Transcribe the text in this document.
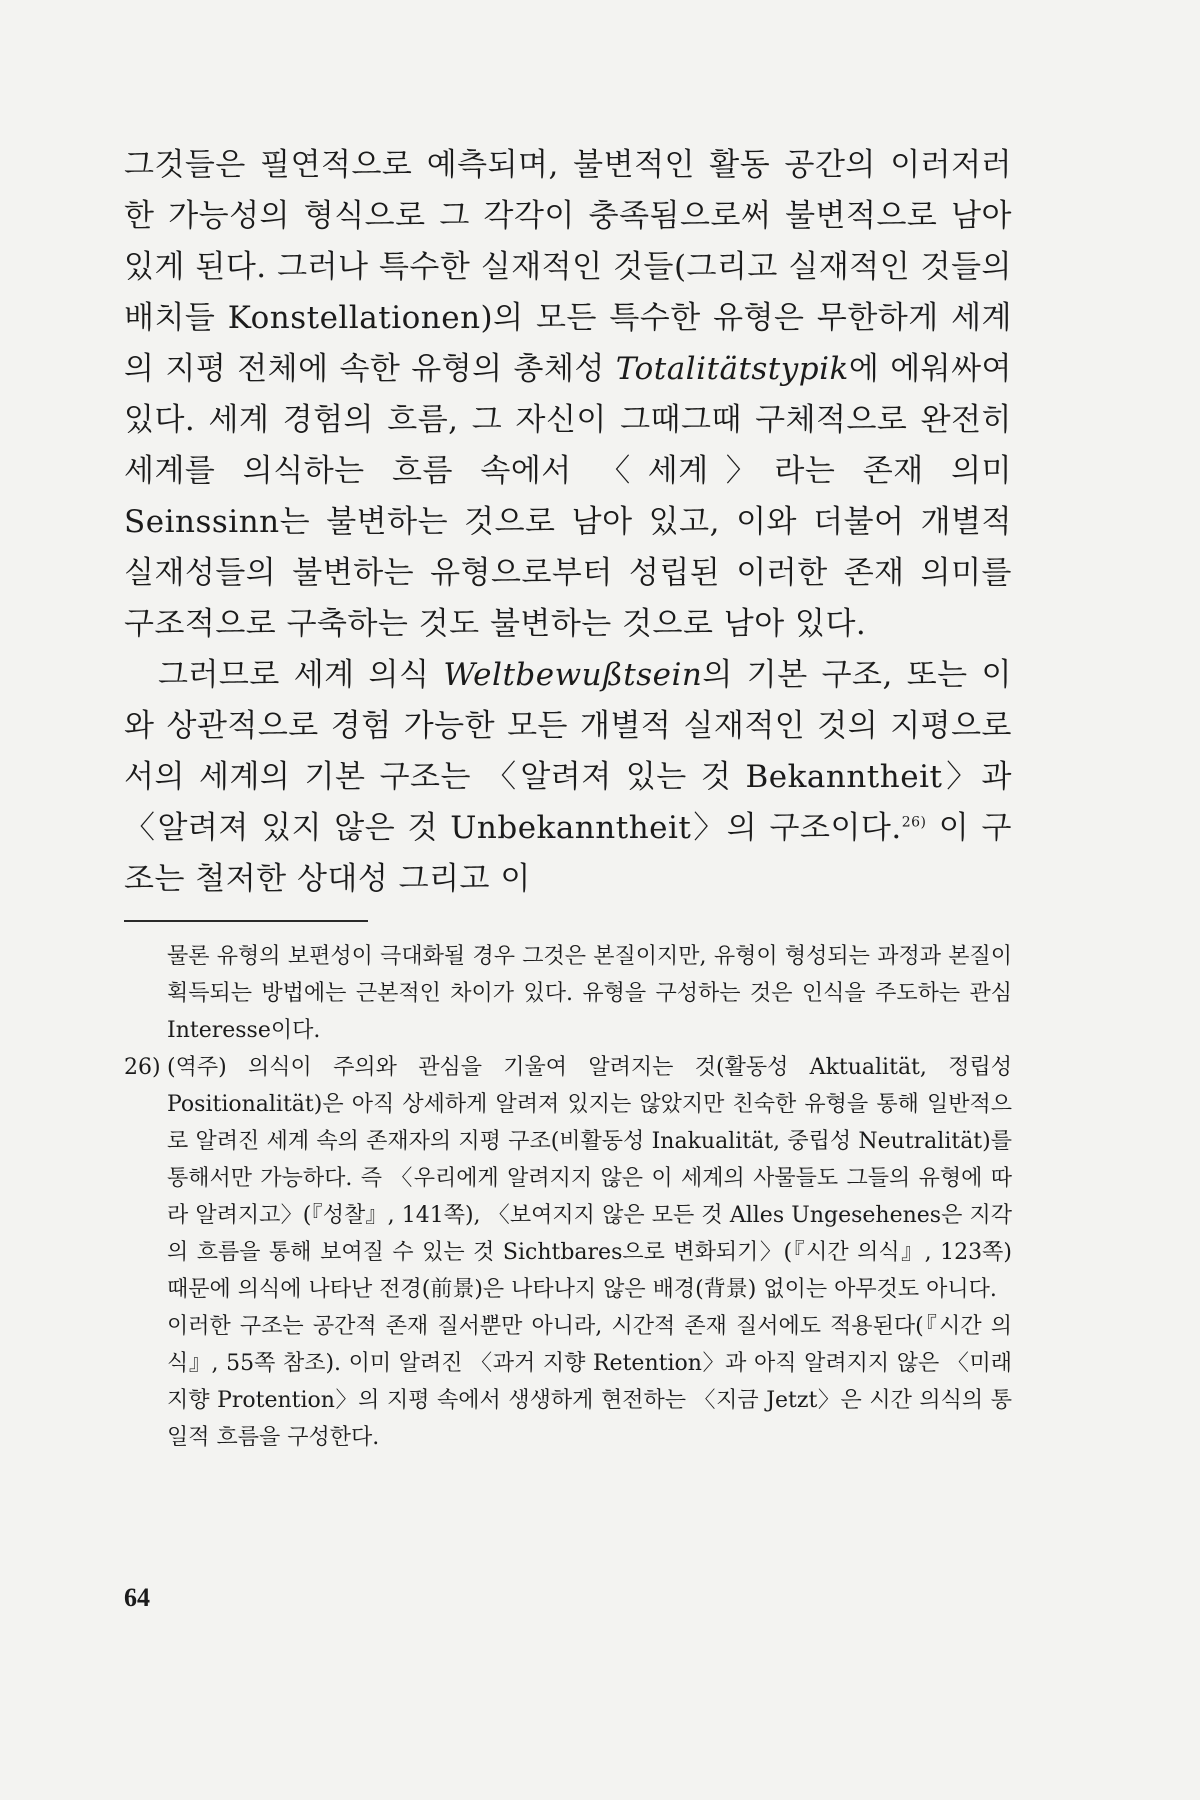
그것들은 필연적으로 예측되며, 불변적인 활동 공간의 이러저러한 가능성의 형식으로 그 각각이 충족됨으로써 불변적으로 남아 있게 된다. 그러나 특수한 실재적인 것들(그리고 실재적인 것들의 배치들 Konstellationen)의 모든 특수한 유형은 무한하게 세계의 지평 전체에 속한 유형의 총체성 Totalitätstypik에 에워싸여 있다. 세계 경험의 흐름, 그 자신이 그때그때 구체적으로 완전히 세계를 의식하는 흐름 속에서 〈세계〉라는 존재 의미 Seinssinn는 불변하는 것으로 남아 있고, 이와 더불어 개별적 실재성들의 불변하는 유형으로부터 성립된 이러한 존재 의미를 구조적으로 구축하는 것도 불변하는 것으로 남아 있다.

그러므로 세계 의식 Weltbewußtsein의 기본 구조, 또는 이와 상관적으로 경험 가능한 모든 개별적 실재적인 것의 지평으로서의 세계의 기본 구조는 〈알려져 있는 것 Bekanntheit〉과 〈알려져 있지 않은 것 Unbekanntheit〉의 구조이다.$^{26)}$ 이 구조는 철저한 상대성 그리고 이

물론 유형의 보편성이 극대화될 경우 그것은 본질이지만, 유형이 형성되는 과정과 본질이 획득되는 방법에는 근본적인 차이가 있다. 유형을 구성하는 것은 인식을 주도하는 관심 Interesse이다.

26) (역주) 의식이 주의와 관심을 기울여 알려지는 것(활동성 Aktualität, 정립성 Positionalität)은 아직 상세하게 알려져 있지는 않았지만 친숙한 유형을 통해 일반적으로 알려진 세계 속의 존재자의 지평 구조(비활동성 Inakualität, 중립성 Neutralität)를 통해서만 가능하다. 즉 〈우리에게 알려지지 않은 이 세계의 사물들도 그들의 유형에 따라 알려지고〉(『성찰』, 141쪽), 〈보여지지 않은 모든 것 Alles Ungesehenes은 지각의 흐름을 통해 보여질 수 있는 것 Sichtbares으로 변화되기〉(『시간 의식』, 123쪽) 때문에 의식에 나타난 전경(前景)은 나타나지 않은 배경(背景) 없이는 아무것도 아니다.

이러한 구조는 공간적 존재 질서뿐만 아니라, 시간적 존재 질서에도 적용된다(『시간 의식』, 55쪽 참조). 이미 알려진 〈과거 지향 Retention〉과 아직 알려지지 않은 〈미래 지향 Protention〉의 지평 속에서 생생하게 현전하는 〈지금 Jetzt〉은 시간 의식의 통일적 흐름을 구성한다.

64
